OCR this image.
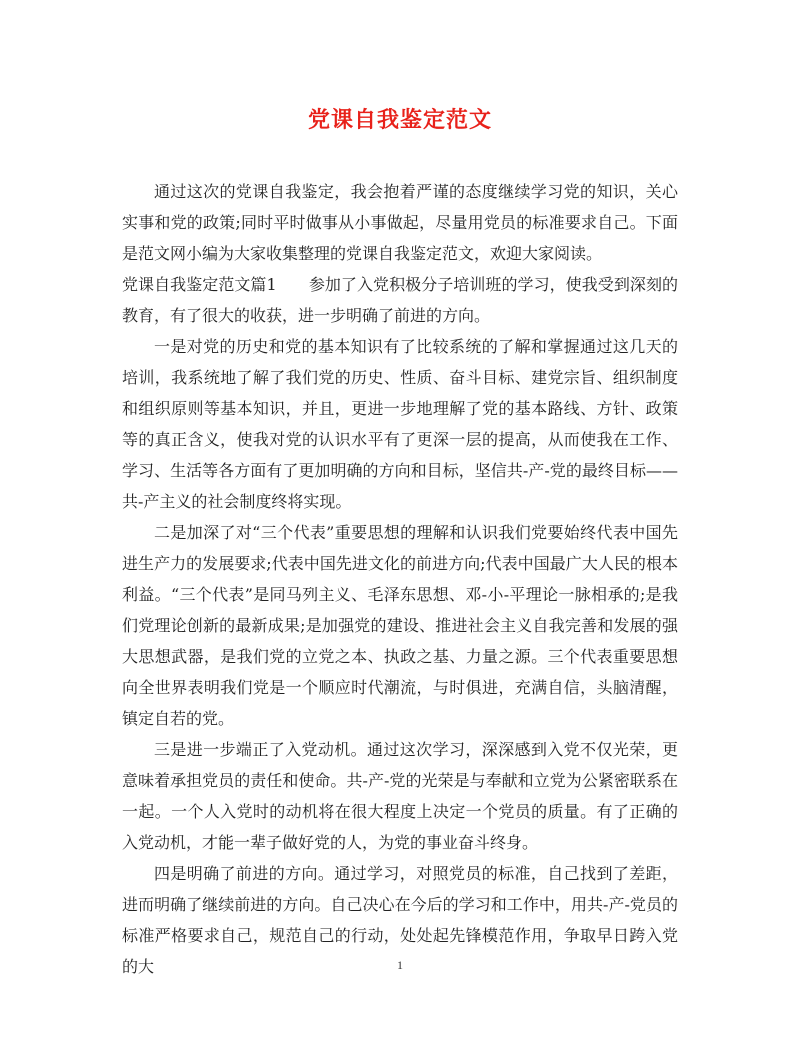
党课自我鉴定范文

通过这次的党课自我鉴定，我会抱着严谨的态度继续学习党的知识，关心实事和党的政策;同时平时做事从小事做起，尽量用党员的标准要求自己。下面是范文网小编为大家收集整理的党课自我鉴定范文，欢迎大家阅读。

党课自我鉴定范文篇1　　参加了入党积极分子培训班的学习，使我受到深刻的教育，有了很大的收获，进一步明确了前进的方向。

一是对党的历史和党的基本知识有了比较系统的了解和掌握通过这几天的培训，我系统地了解了我们党的历史、性质、奋斗目标、建党宗旨、组织制度和组织原则等基本知识，并且，更进一步地理解了党的基本路线、方针、政策等的真正含义，使我对党的认识水平有了更深一层的提高，从而使我在工作、学习、生活等各方面有了更加明确的方向和目标，坚信共-产-党的最终目标——共-产主义的社会制度终将实现。

二是加深了对“三个代表”重要思想的理解和认识我们党要始终代表中国先进生产力的发展要求;代表中国先进文化的前进方向;代表中国最广大人民的根本利益。“三个代表”是同马列主义、毛泽东思想、邓-小-平理论一脉相承的;是我们党理论创新的最新成果;是加强党的建设、推进社会主义自我完善和发展的强大思想武器，是我们党的立党之本、执政之基、力量之源。三个代表重要思想向全世界表明我们党是一个顺应时代潮流，与时俱进，充满自信，头脑清醒，镇定自若的党。

三是进一步端正了入党动机。通过这次学习，深深感到入党不仅光荣，更意味着承担党员的责任和使命。共-产-党的光荣是与奉献和立党为公紧密联系在一起。一个人入党时的动机将在很大程度上决定一个党员的质量。有了正确的入党动机，才能一辈子做好党的人，为党的事业奋斗终身。

四是明确了前进的方向。通过学习，对照党员的标准，自己找到了差距，进而明确了继续前进的方向。自己决心在今后的学习和工作中，用共-产-党员的标准严格要求自己，规范自己的行动，处处起先锋模范作用，争取早日跨入党的大	1
